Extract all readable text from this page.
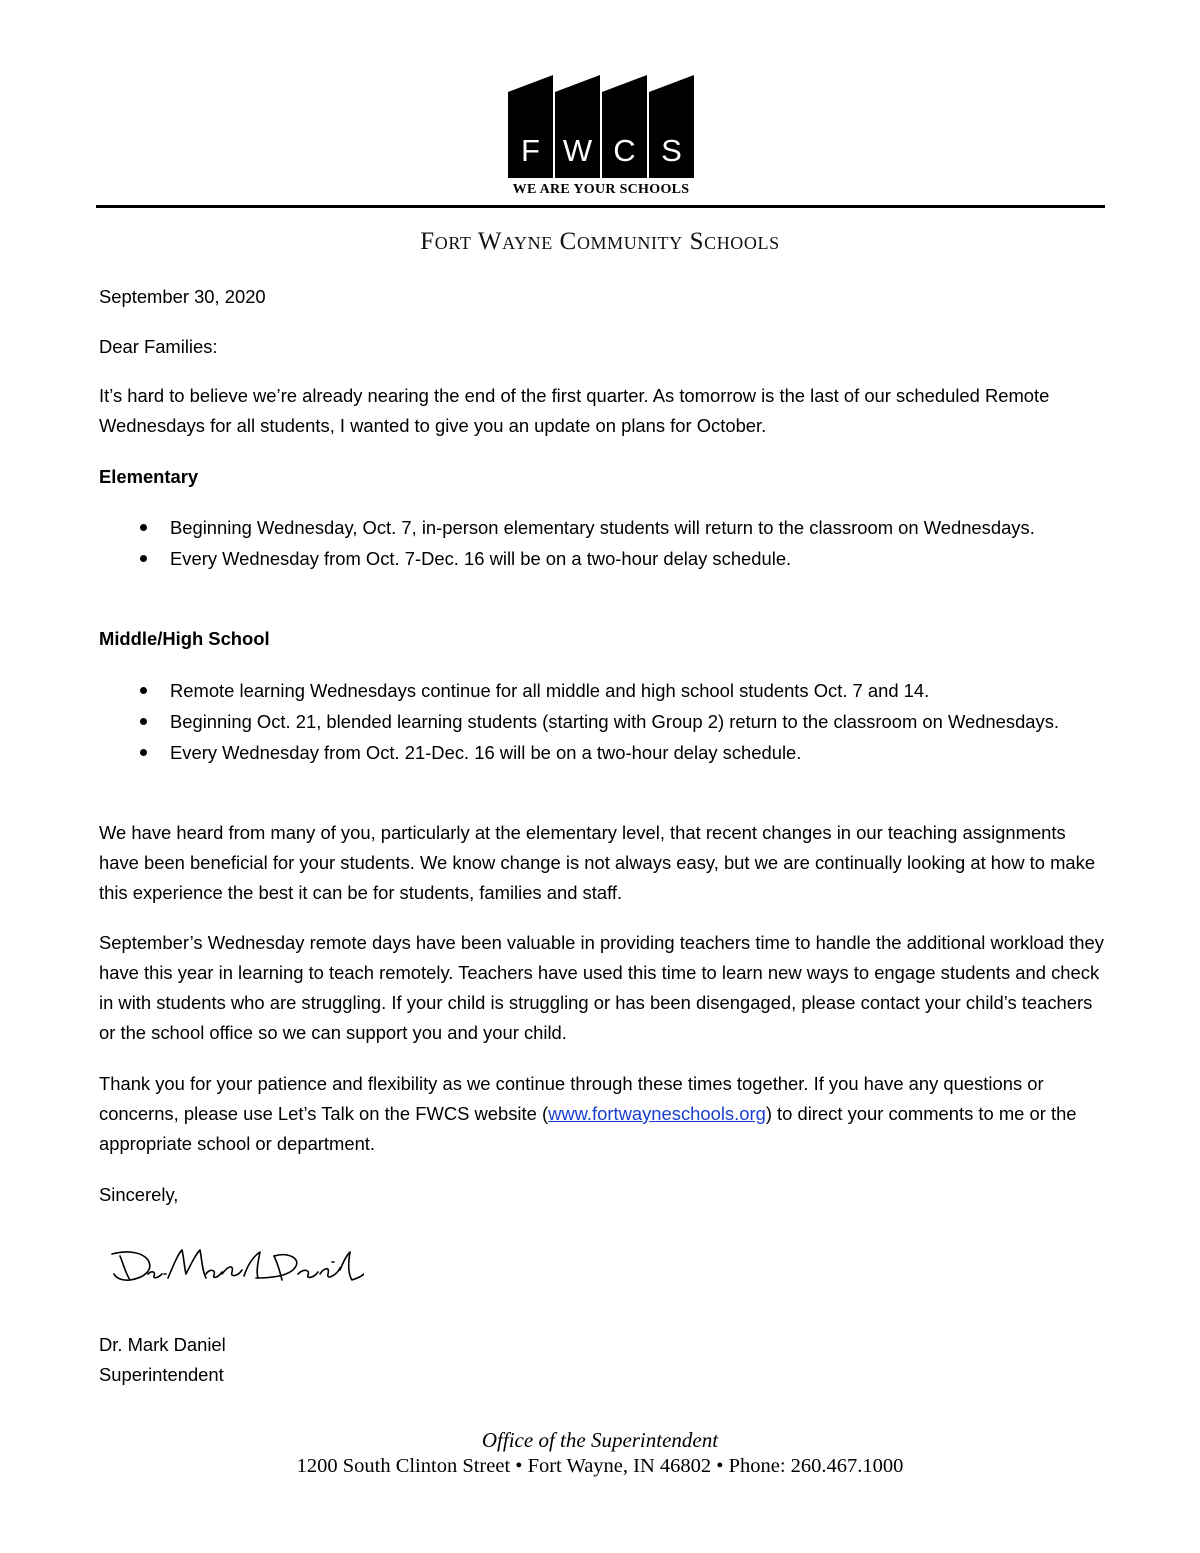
F W C S
WE ARE YOUR SCHOOLS
Fort Wayne Community Schools
September 30, 2020
Dear Families:
It’s hard to believe we’re already nearing the end of the first quarter. As tomorrow is the last of our scheduled Remote Wednesdays for all students, I wanted to give you an update on plans for October.
Elementary
Beginning Wednesday, Oct. 7, in-person elementary students will return to the classroom on Wednesdays.
Every Wednesday from Oct. 7-Dec. 16 will be on a two-hour delay schedule.
Middle/High School
Remote learning Wednesdays continue for all middle and high school students Oct. 7 and 14.
Beginning Oct. 21, blended learning students (starting with Group 2) return to the classroom on Wednesdays.
Every Wednesday from Oct. 21-Dec. 16 will be on a two-hour delay schedule.
We have heard from many of you, particularly at the elementary level, that recent changes in our teaching assignments have been beneficial for your students. We know change is not always easy, but we are continually looking at how to make this experience the best it can be for students, families and staff.
September’s Wednesday remote days have been valuable in providing teachers time to handle the additional workload they have this year in learning to teach remotely. Teachers have used this time to learn new ways to engage students and check in with students who are struggling. If your child is struggling or has been disengaged, please contact your child’s teachers or the school office so we can support you and your child.
Thank you for your patience and flexibility as we continue through these times together. If you have any questions or concerns, please use Let’s Talk on the FWCS website (www.fortwayneschools.org) to direct your comments to me or the appropriate school or department.
Sincerely,
Dr. Mark Daniel
Superintendent
Office of the Superintendent
1200 South Clinton Street • Fort Wayne, IN 46802 • Phone: 260.467.1000
